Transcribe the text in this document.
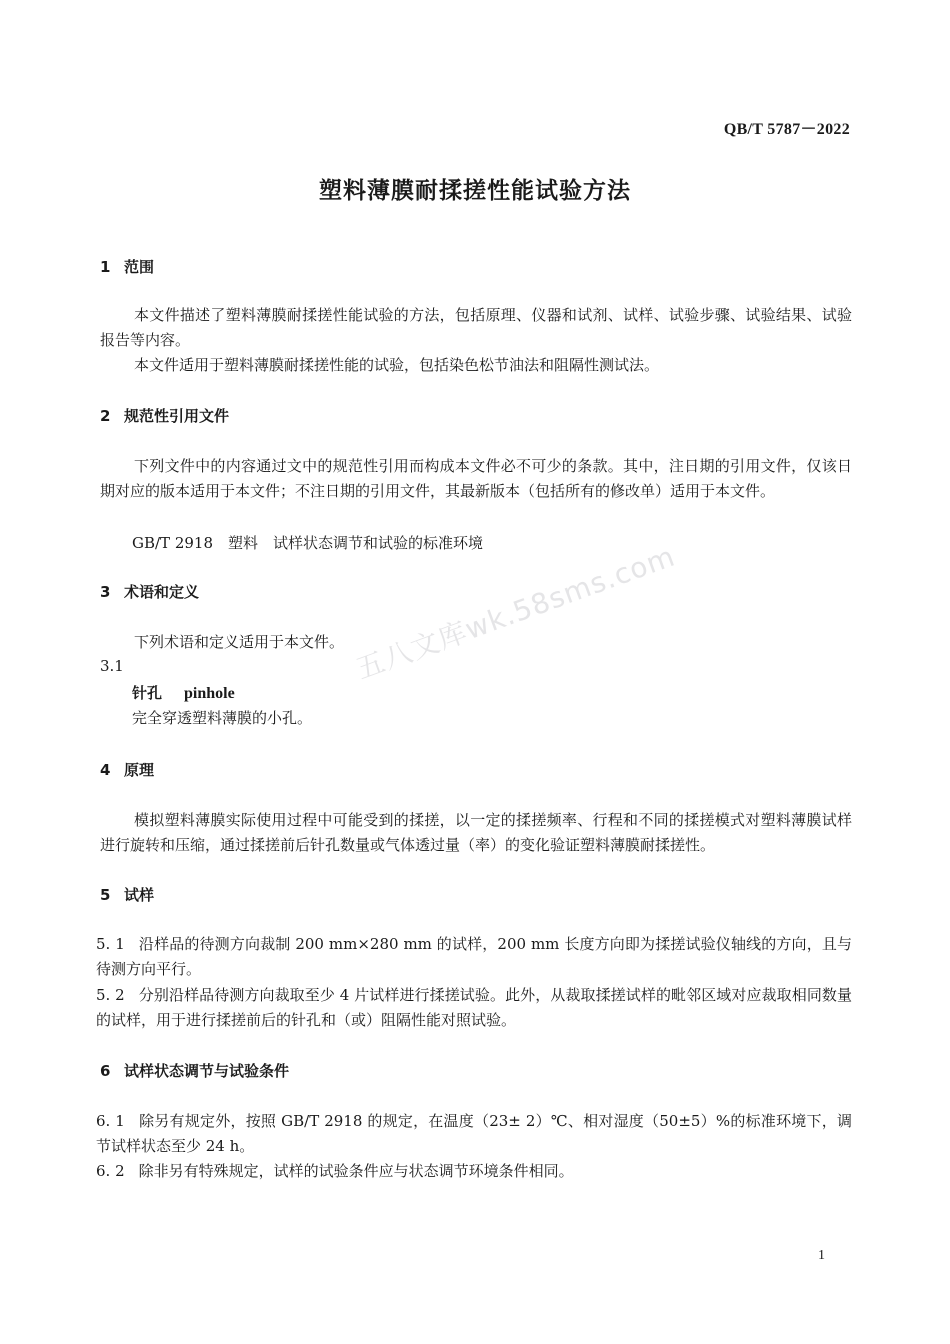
QB/T 5787－2022
塑料薄膜耐揉搓性能试验方法
1 范围

本文件描述了塑料薄膜耐揉搓性能试验的方法，包括原理、仪器和试剂、试样、试验步骤、试验结果、试验报告等内容。

本文件适用于塑料薄膜耐揉搓性能的试验，包括染色松节油法和阻隔性测试法。

2 规范性引用文件

下列文件中的内容通过文中的规范性引用而构成本文件必不可少的条款。其中，注日期的引用文件，仅该日期对应的版本适用于本文件；不注日期的引用文件，其最新版本（包括所有的修改单）适用于本文件。

GB/T 2918　塑料　试样状态调节和试验的标准环境
3 术语和定义

下列术语和定义适用于本文件。

3.1
针孔 pinhole
完全穿透塑料薄膜的小孔。
4 原理

模拟塑料薄膜实际使用过程中可能受到的揉搓，以一定的揉搓频率、行程和不同的揉搓模式对塑料薄膜试样进行旋转和压缩，通过揉搓前后针孔数量或气体透过量（率）的变化验证塑料薄膜耐揉搓性。

5 试样

5. 1 沿样品的待测方向裁制 200 mm×280 mm 的试样，200 mm 长度方向即为揉搓试验仪轴线的方向，且与待测方向平行。

5. 2 分别沿样品待测方向裁取至少 4 片试样进行揉搓试验。此外，从裁取揉搓试样的毗邻区域对应裁取相同数量的试样，用于进行揉搓前后的针孔和（或）阻隔性能对照试验。

6 试样状态调节与试验条件

6. 1 除另有规定外，按照 GB/T 2918 的规定，在温度（23± 2）℃、相对湿度（50±5）%的标准环境下，调节试样状态至少 24 h。

6. 2 除非另有特殊规定，试样的试验条件应与状态调节环境条件相同。

五八文库wk.58sms.com
1
